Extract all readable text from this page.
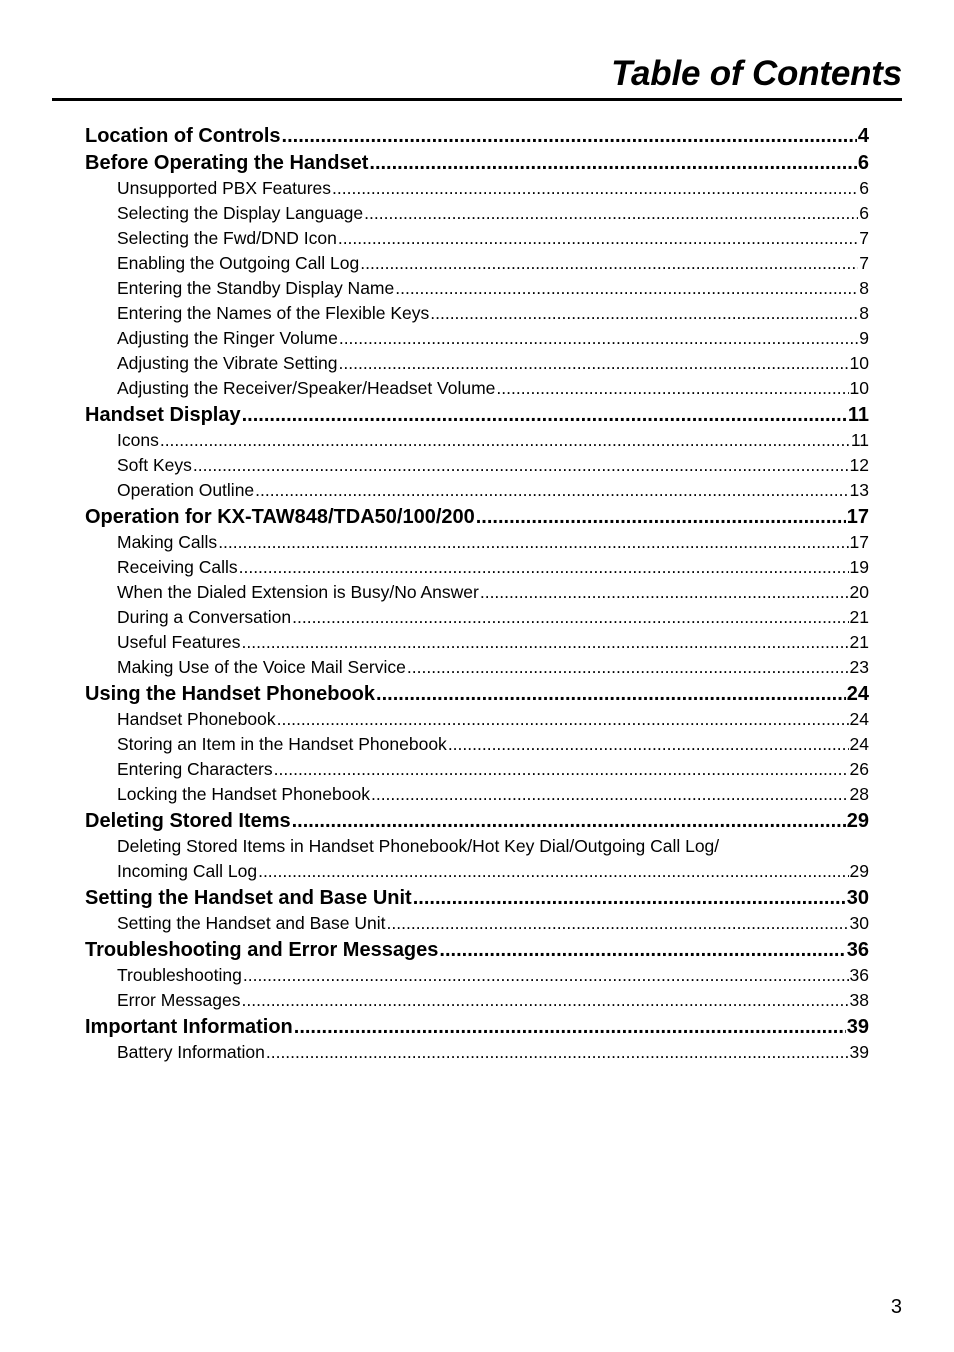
Table of Contents
Location of Controls .....	4
Before Operating the Handset .....	6
Unsupported PBX Features .....	6
Selecting the Display Language .....	6
Selecting the Fwd/DND Icon .....	7
Enabling the Outgoing Call Log .....	7
Entering the Standby Display Name .....	8
Entering the Names of the Flexible Keys .....	8
Adjusting the Ringer Volume .....	9
Adjusting the Vibrate Setting .....	10
Adjusting the Receiver/Speaker/Headset Volume .....	10
Handset Display .....	11
Icons .....	11
Soft Keys .....	12
Operation Outline .....	13
Operation for KX-TAW848/TDA50/100/200 .....	17
Making Calls .....	17
Receiving Calls .....	19
When the Dialed Extension is Busy/No Answer .....	20
During a Conversation .....	21
Useful Features .....	21
Making Use of the Voice Mail Service .....	23
Using the Handset Phonebook .....	24
Handset Phonebook .....	24
Storing an Item in the Handset Phonebook .....	24
Entering Characters .....	26
Locking the Handset Phonebook .....	28
Deleting Stored Items .....	29
Deleting Stored Items in Handset Phonebook/Hot Key Dial/Outgoing Call Log/
Incoming Call Log .....	29
Setting the Handset and Base Unit .....	30
Setting the Handset and Base Unit .....	30
Troubleshooting and Error Messages .....	36
Troubleshooting .....	36
Error Messages .....	38
Important Information .....	39
Battery Information .....	39
3
